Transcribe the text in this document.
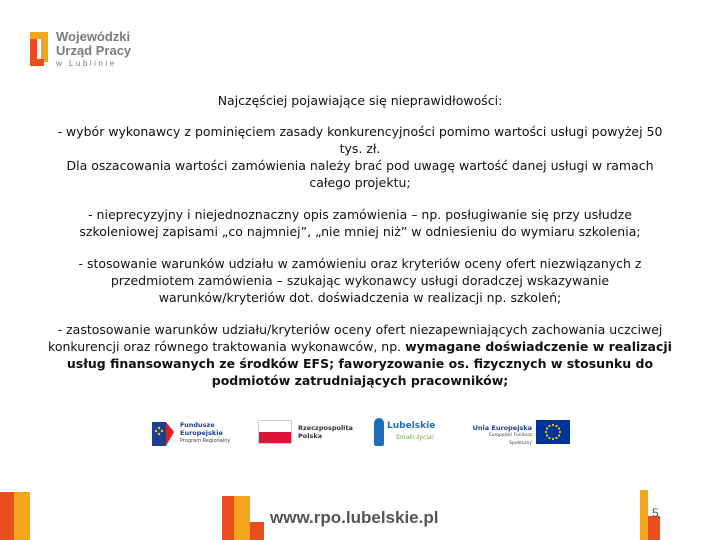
Wojewódzki
Urząd Pracy
w Lublinie
Najczęściej pojawiające się nieprawidłowości:

- wybór wykonawcy z pominięciem zasady konkurencyjności pomimo wartości usługi powyżej 50 tys. zł.

Dla oszacowania wartości zamówienia należy brać pod uwagę wartość danej usługi w ramach całego projektu;

- nieprecyzyjny i niejednoznaczny opis zamówienia – np. posługiwanie się przy usłudze szkoleniowej zapisami „co najmniej”, „nie mniej niż” w odniesieniu do wymiaru szkolenia;

- stosowanie warunków udziału w zamówieniu oraz kryteriów oceny ofert niezwiązanych z przedmiotem zamówienia – szukając wykonawcy usługi doradczej wskazywanie warunków/kryteriów dot. doświadczenia w realizacji np. szkoleń;

- zastosowanie warunków udziału/kryteriów oceny ofert niezapewniających zachowania uczciwej konkurencji oraz równego traktowania wykonawców, np. wymagane doświadczenie w realizacji usług finansowanych ze środków EFS; faworyzowanie os. fizycznych w stosunku do podmiotów zatrudniających pracowników;

Fundusze
Europejskie
Program Regionalny
Rzeczpospolita
Polska
Lubelskie
Smaki życia!
Unia Europejska
Europejski Fundusz Społeczny
www.rpo.lubelskie.pl	5
